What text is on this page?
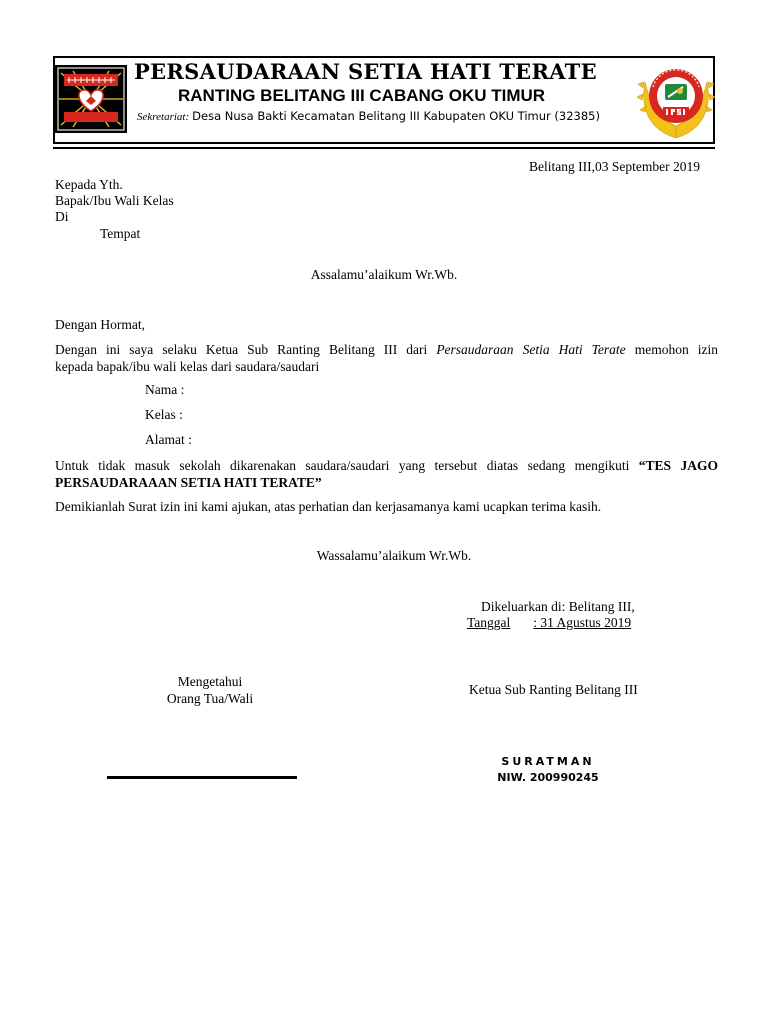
PERSAUDARAAN SETIA HATI TERATE
RANTING BELITANG III CABANG OKU TIMUR
Sekretariat: Desa Nusa Bakti Kecamatan Belitang III Kabupaten OKU Timur (32385)
Belitang III,03 September 2019
Kepada Yth.
Bapak/Ibu Wali Kelas
Di
Tempat
Assalamu’alaikum Wr.Wb.
Dengan Hormat,
Dengan ini saya selaku Ketua Sub Ranting Belitang III dari Persaudaraan Setia Hati Terate memohon izin
kepada bapak/ibu wali kelas dari saudara/saudari
Nama :
Kelas :
Alamat :
Untuk tidak masuk sekolah dikarenakan saudara/saudari yang tersebut diatas sedang mengikuti “TES JAGO
PERSAUDARAAAN SETIA HATI TERATE”
Demikianlah Surat izin ini kami ajukan, atas perhatian dan kerjasamanya kami ucapkan terima kasih.
Wassalamu’alaikum Wr.Wb.
Dikeluarkan di: Belitang III,
Tanggal : 31 Agustus 2019
Mengetahui
Orang Tua/Wali
Ketua Sub Ranting Belitang III
SURATMAN
NIW. 200990245
